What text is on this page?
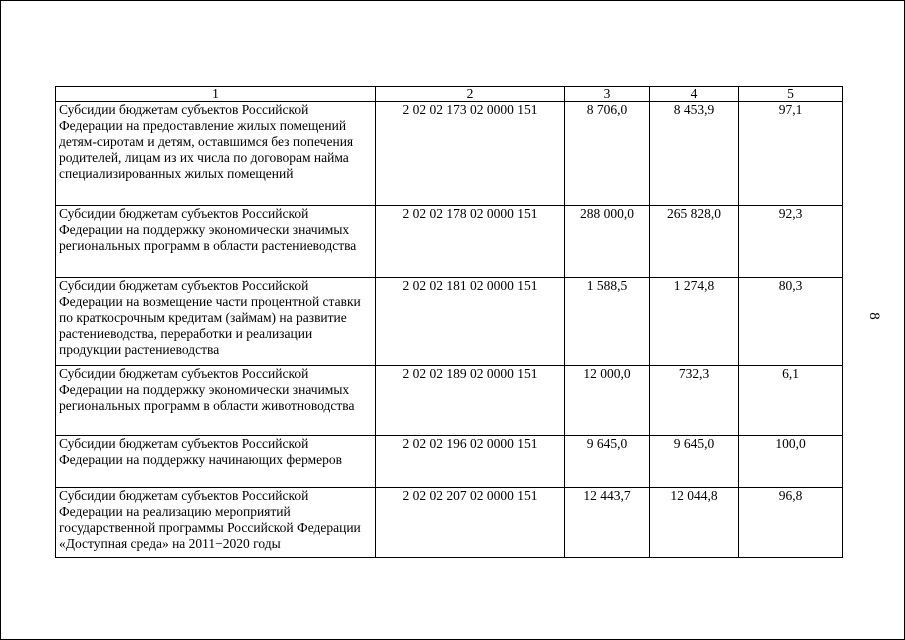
1	2	3	4	5
Субсидии бюджетам субъектов Российской Федерации на предоставление жилых помещений детям-сиротам и детям, оставшимся без попечения родителей, лицам из их числа по договорам найма специализированных жилых помещений	2 02 02 173 02 0000 151	8 706,0	8 453,9	97,1
Субсидии бюджетам субъектов Российской Федерации на поддержку экономически значимых региональных программ в области растениеводства	2 02 02 178 02 0000 151	288 000,0	265 828,0	92,3
Субсидии бюджетам субъектов Российской Федерации на возмещение части процентной ставки по краткосрочным кредитам (займам) на развитие растениеводства, переработки и реализации продукции растениеводства	2 02 02 181 02 0000 151	1 588,5	1 274,8	80,3
Субсидии бюджетам субъектов Российской Федерации на поддержку экономически значимых региональных программ в области животноводства	2 02 02 189 02 0000 151	12 000,0	732,3	6,1
Субсидии бюджетам субъектов Российской Федерации на поддержку начинающих фермеров	2 02 02 196 02 0000 151	9 645,0	9 645,0	100,0
Субсидии бюджетам субъектов Российской Федерации на реализацию мероприятий государственной программы Российской Федерации «Доступная среда» на 2011−2020 годы	2 02 02 207 02 0000 151	12 443,7	12 044,8	96,8
8
